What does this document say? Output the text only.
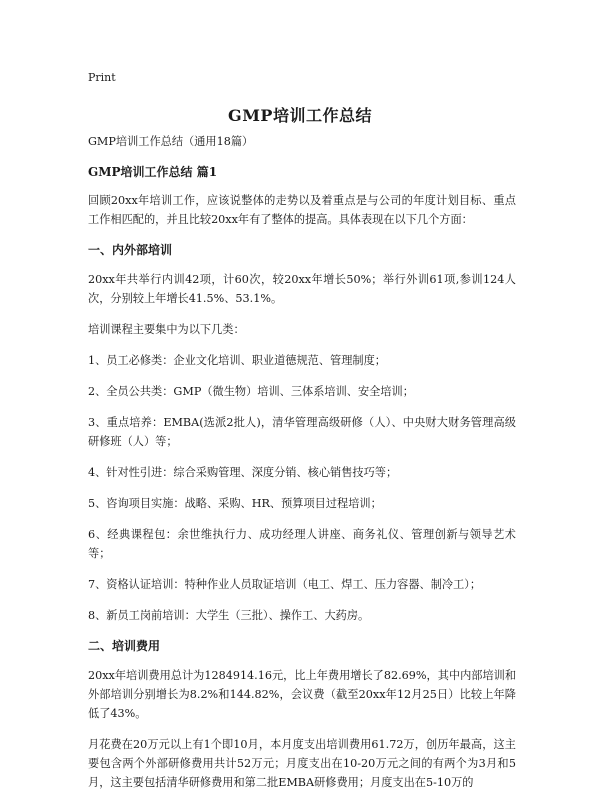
Print
GMP培训工作总结

GMP培训工作总结（通用18篇）

GMP培训工作总结 篇1

回顾20xx年培训工作，应该说整体的走势以及着重点是与公司的年度计划目标、重点工作相匹配的，并且比较20xx年有了整体的提高。具体表现在以下几个方面：

一、内外部培训

20xx年共举行内训42项，计60次，较20xx年增长50%；举行外训61项,参训124人次，分别较上年增长41.5%、53.1%。

培训课程主要集中为以下几类：

1、员工必修类：企业文化培训、职业道德规范、管理制度；

2、全员公共类：GMP（微生物）培训、三体系培训、安全培训；

3、重点培养：EMBA(选派2批人)，清华管理高级研修（人）、中央财大财务管理高级研修班（人）等；

4、针对性引进：综合采购管理、深度分销、核心销售技巧等；

5、咨询项目实施：战略、采购、HR、预算项目过程培训；

6、经典课程包：余世维执行力、成功经理人讲座、商务礼仪、管理创新与领导艺术等；

7、资格认证培训：特种作业人员取证培训（电工、焊工、压力容器、制冷工）；

8、新员工岗前培训：大学生（三批）、操作工、大药房。

二、培训费用

20xx年培训费用总计为1284914.16元，比上年费用增长了82.69%，其中内部培训和外部培训分别增长为8.2%和144.82%，会议费（截至20xx年12月25日）比较上年降低了43%。

月花费在20万元以上有1个即10月，本月度支出培训费用61.72万，创历年最高，这主要包含两个外部研修费用共计52万元；月度支出在10-20万元之间的有两个为3月和5月，这主要包括清华研修费用和第二批EMBA研修费用；月度支出在5-10万的
